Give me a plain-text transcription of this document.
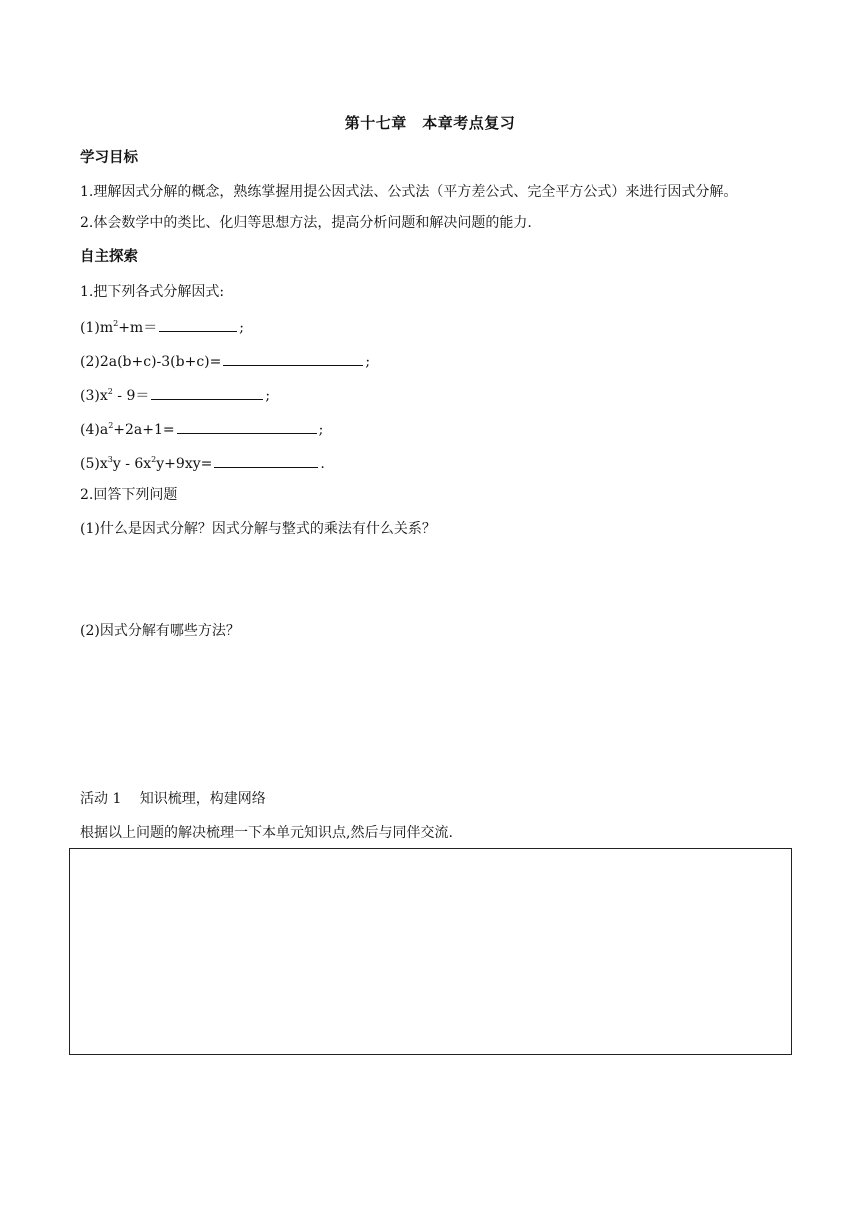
第十七章　本章考点复习
学习目标
1.理解因式分解的概念，熟练掌握用提公因式法、公式法（平方差公式、完全平方公式）来进行因式分解。
2.体会数学中的类比、化归等思想方法，提高分析问题和解决问题的能力.
自主探索
1.把下列各式分解因式:
$(1)m^2+m=$	;
(2)2a(b+c)-3(b+c)=	;
$(3)x^2 - 9=$	;
$(4)a^2+2a+1=$	;
$(5)x^3y - 6x^2y+9xy=$	.
2.回答下列问题
(1)什么是因式分解？因式分解与整式的乘法有什么关系？
(2)因式分解有哪些方法？
活动 1　 知识梳理，构建网络
根据以上问题的解决梳理一下本单元知识点,然后与同伴交流.
